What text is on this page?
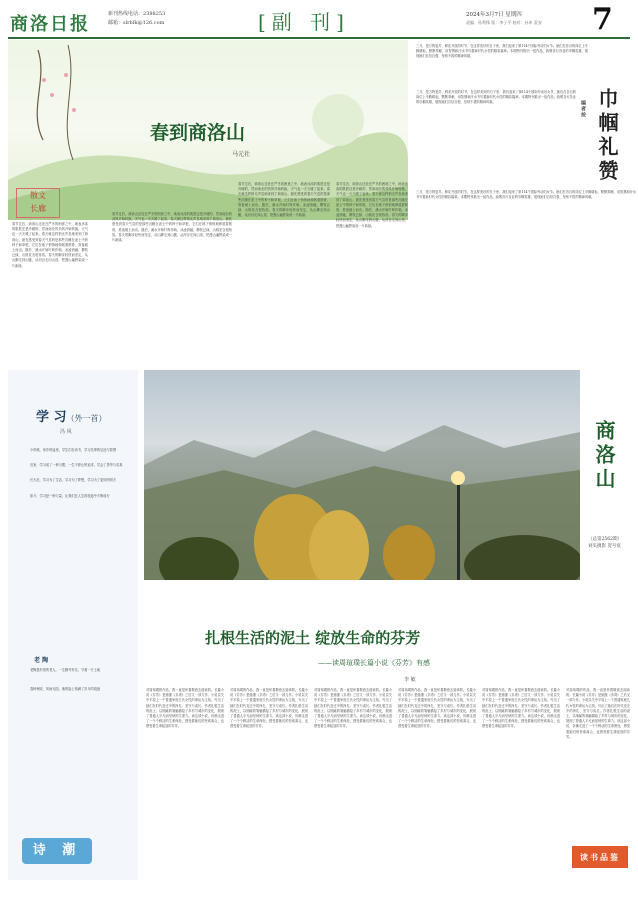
商洛日报	新刊热线电话：2388253
邮箱：slrbfk@126.com	[副 刊]	2024年3月7日 星期四
责编：孙利锋 版：李子平 校对：孙申 责安 7
春到商洛山
马元社
散文
长廊
春节过后，商洛山还处在严冬的困意之中，地表冰冻的肌肤还是冷硬的，然而南北的劲风开始转换，天气也一天天暖了起来。春天就这样悄无声息地来到了商洛山。最先感受到春天气息的是那些沉睡在泥土中的种子和草根，它们在地下悄悄地伸展着筋骨，准备破土而出。随后，溪水开始叮咚作响，冰凌消融，柳枝泛绿，山桃花含苞待放。春天的脚步轻快而坚定，从山脚走到山腰，从河谷走向山顶，把漫山遍野染成一片新绿。
春节过后，商洛山还处在严冬的困意之中，地表冰冻的肌肤还是冷硬的，然而南北的劲风开始转换，天气也一天天暖了起来。春天就这样悄无声息地来到了商洛山。最先感受到春天气息的是那些沉睡在泥土中的种子和草根，它们在地下悄悄地伸展着筋骨，准备破土而出。随后，溪水开始叮咚作响，冰凌消融，柳枝泛绿，山桃花含苞待放。春天的脚步轻快而坚定，从山脚走到山腰，从河谷走向山顶，把漫山遍野染成一片新绿。
春节过后，商洛山还处在严冬的困意之中，地表冰冻的肌肤还是冷硬的，然而南北的劲风开始转换，天气也一天天暖了起来。春天就这样悄无声息地来到了商洛山。最先感受到春天气息的是那些沉睡在泥土中的种子和草根，它们在地下悄悄地伸展着筋骨，准备破土而出。随后，溪水开始叮咚作响，冰凌消融，柳枝泛绿，山桃花含苞待放。春天的脚步轻快而坚定，从山脚走到山腰，从河谷走向山顶，把漫山遍野染成一片新绿。
春节过后，商洛山还处在严冬的困意之中，地表冰冻的肌肤还是冷硬的，然而南北的劲风开始转换，天气也一天天暖了起来。春天就这样悄无声息地来到了商洛山。最先感受到春天气息的是那些沉睡在泥土中的种子和草根，它们在地下悄悄地伸展着筋骨，准备破土而出。随后，溪水开始叮咚作响，冰凌消融，柳枝泛绿，山桃花含苞待放。春天的脚步轻快而坚定，从山脚走到山腰，从河谷走向山顶，把漫山遍野染成一片新绿。
三月，是万物复苏、鲜花开放的时节，在这样美好的日子里，我们迎来了第114个国际劳动妇女节。她们在各自的岗位上辛勤耕耘，默默奉献，用智慧和汗水书写着新时代女性的精彩篇章。本期特刊推出一组作品，致敬各行各业的巾帼英雄，展现她们自信自强、坚韧不拔的精神风貌。
巾帼礼赞
编者按
三月，是万物复苏、鲜花开放的时节，在这样美好的日子里，我们迎来了第114个国际劳动妇女节。她们在各自的岗位上辛勤耕耘，默默奉献，用智慧和汗水书写着新时代女性的精彩篇章。本期特刊推出一组作品，致敬各行各业的巾帼英雄，展现她们自信自强、坚韧不拔的精神风貌。
三月，是万物复苏、鲜花开放的时节，在这样美好的日子里，我们迎来了第114个国际劳动妇女节。她们在各自的岗位上辛勤耕耘，默默奉献，用智慧和汗水书写着新时代女性的精彩篇章。本期特刊推出一组作品，致敬各行各业的巾帼英雄，展现她们自信自强、坚韧不拔的精神风貌。
学 习（外一首）
冯 风

小时候，家乡的庙里，学生们在读书，学习先辈的足迹与智慧

后来，学习成了一种习惯，一生不停止的追求，学会了思考与求真

长大后，学习为了生活，学习为了梦想，学习为了更好的明天

如今，学习是一种力量，让我们在人生的旅途中不断前行

老 陶

老陶是村里的老人，一生勤劳朴实，守着一方土地

春种秋收，风雨无阻，他的脸上刻满了岁月的痕迹

诗 潮
商洛山
（总第2562期）
刘头摄影 贺号宸
扎根生活的泥土 绽放生命的芬芳
——读周瑄璞长篇小说《芬芳》有感
李 敏
对周瑄璞的作品，我一直是怀着敬意去阅读的。长篇小说《芬芳》是她继《多湾》之后又一部力作。小说以关中平原上一个普通家庭几代女性的命运为主线，写出了她们在时代变迁中的挣扎、坚守与成长。作者扎根生活的泥土，以细腻的笔触描绘了乡村与城市的变化，展现了普通人平凡而坚韧的生命力。读这部小说，仿佛走进了一个个鲜活的生命深处，感受着她们的悲欢离合，也感受着生命绽放的芬芳。
对周瑄璞的作品，我一直是怀着敬意去阅读的。长篇小说《芬芳》是她继《多湾》之后又一部力作。小说以关中平原上一个普通家庭几代女性的命运为主线，写出了她们在时代变迁中的挣扎、坚守与成长。作者扎根生活的泥土，以细腻的笔触描绘了乡村与城市的变化，展现了普通人平凡而坚韧的生命力。读这部小说，仿佛走进了一个个鲜活的生命深处，感受着她们的悲欢离合，也感受着生命绽放的芬芳。
对周瑄璞的作品，我一直是怀着敬意去阅读的。长篇小说《芬芳》是她继《多湾》之后又一部力作。小说以关中平原上一个普通家庭几代女性的命运为主线，写出了她们在时代变迁中的挣扎、坚守与成长。作者扎根生活的泥土，以细腻的笔触描绘了乡村与城市的变化，展现了普通人平凡而坚韧的生命力。读这部小说，仿佛走进了一个个鲜活的生命深处，感受着她们的悲欢离合，也感受着生命绽放的芬芳。
对周瑄璞的作品，我一直是怀着敬意去阅读的。长篇小说《芬芳》是她继《多湾》之后又一部力作。小说以关中平原上一个普通家庭几代女性的命运为主线，写出了她们在时代变迁中的挣扎、坚守与成长。作者扎根生活的泥土，以细腻的笔触描绘了乡村与城市的变化，展现了普通人平凡而坚韧的生命力。读这部小说，仿佛走进了一个个鲜活的生命深处，感受着她们的悲欢离合，也感受着生命绽放的芬芳。
对周瑄璞的作品，我一直是怀着敬意去阅读的。长篇小说《芬芳》是她继《多湾》之后又一部力作。小说以关中平原上一个普通家庭几代女性的命运为主线，写出了她们在时代变迁中的挣扎、坚守与成长。作者扎根生活的泥土，以细腻的笔触描绘了乡村与城市的变化，展现了普通人平凡而坚韧的生命力。读这部小说，仿佛走进了一个个鲜活的生命深处，感受着她们的悲欢离合，也感受着生命绽放的芬芳。
对周瑄璞的作品，我一直是怀着敬意去阅读的。长篇小说《芬芳》是她继《多湾》之后又一部力作。小说以关中平原上一个普通家庭几代女性的命运为主线，写出了她们在时代变迁中的挣扎、坚守与成长。作者扎根生活的泥土，以细腻的笔触描绘了乡村与城市的变化，展现了普通人平凡而坚韧的生命力。读这部小说，仿佛走进了一个个鲜活的生命深处，感受着她们的悲欢离合，也感受着生命绽放的芬芳。
读书品鉴
